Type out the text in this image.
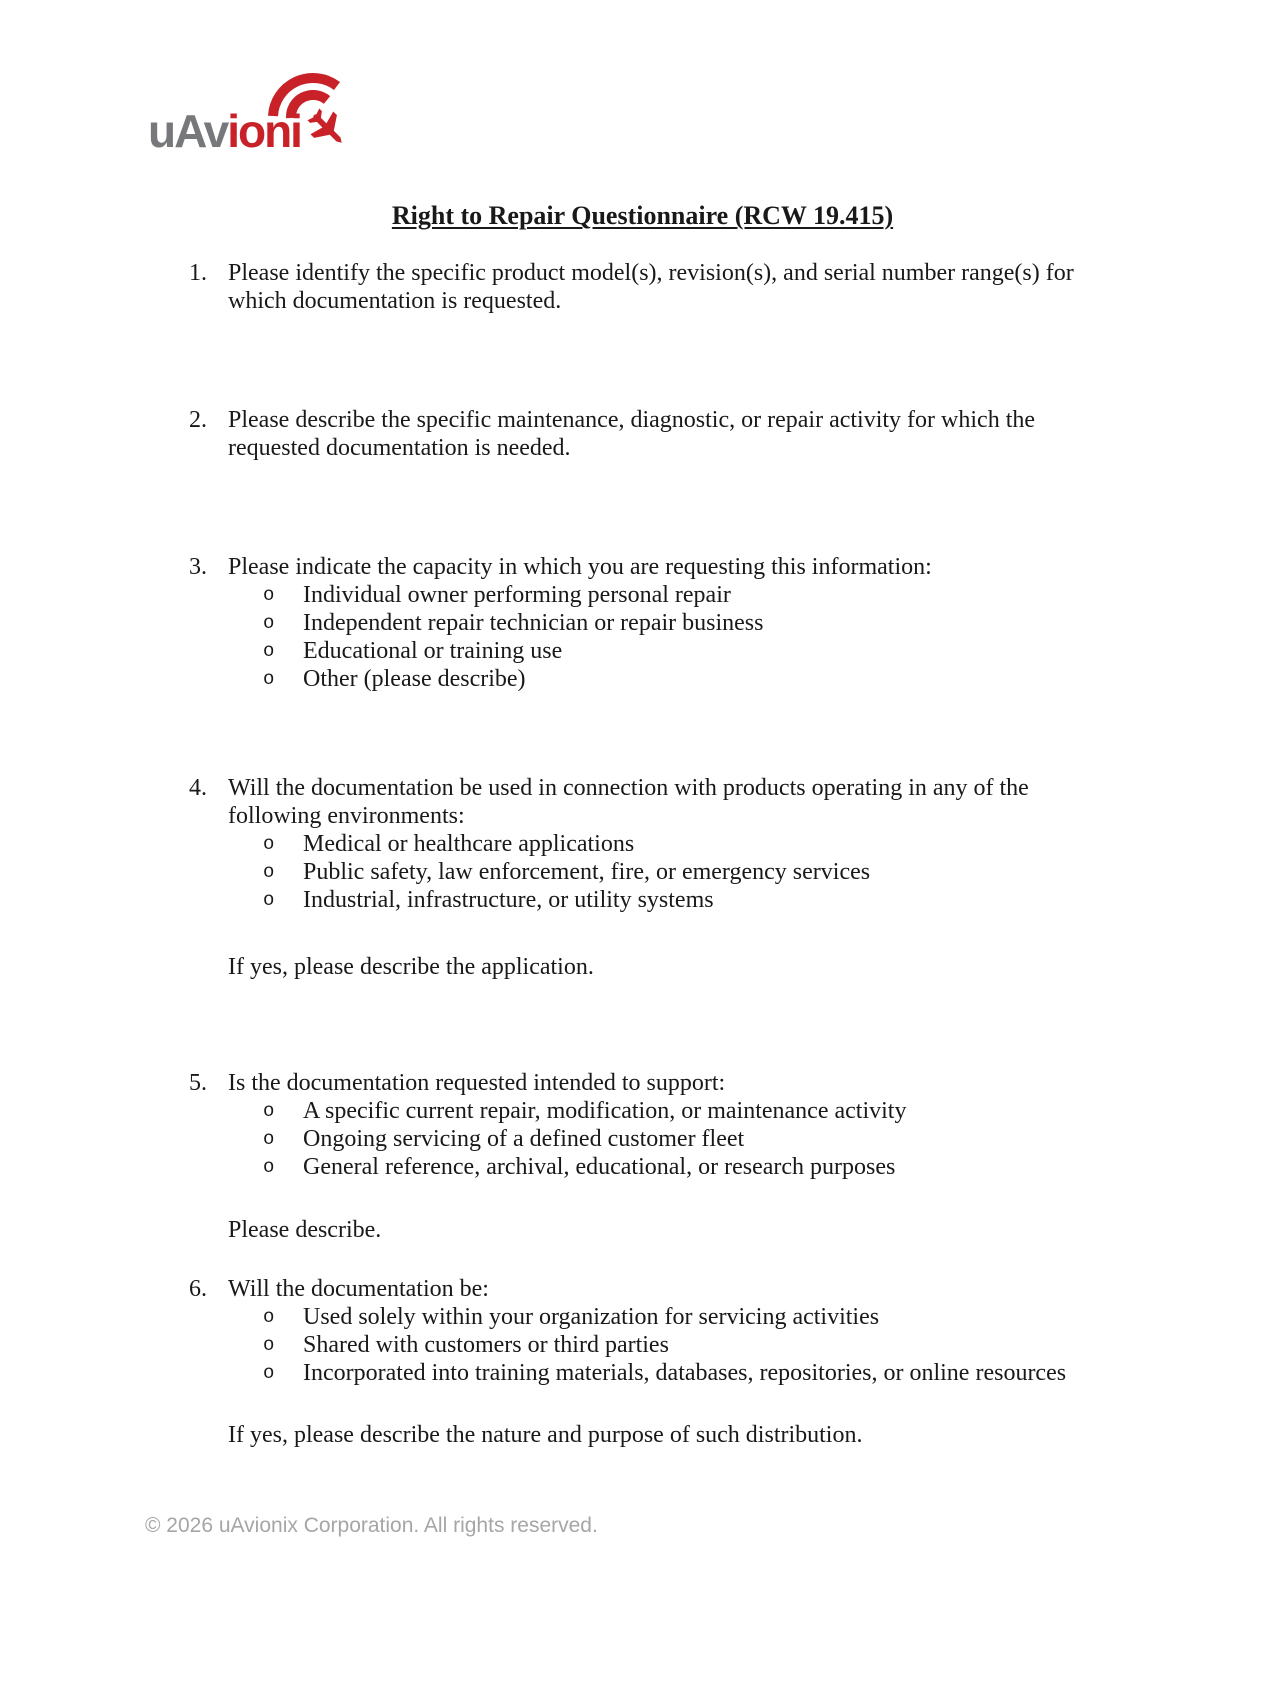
uAvioni
Right to Repair Questionnaire (RCW 19.415)
1. Please identify the specific product model(s), revision(s), and serial number range(s) for
which documentation is requested.
2. Please describe the specific maintenance, diagnostic, or repair activity for which the
requested documentation is needed.
3. Please indicate the capacity in which you are requesting this information:
o	Individual owner performing personal repair
o	Independent repair technician or repair business
o	Educational or training use
o	Other (please describe)
4. Will the documentation be used in connection with products operating in any of the
following environments:
o	Medical or healthcare applications
o	Public safety, law enforcement, fire, or emergency services
o	Industrial, infrastructure, or utility systems
If yes, please describe the application.
5. Is the documentation requested intended to support:
o	A specific current repair, modification, or maintenance activity
o	Ongoing servicing of a defined customer fleet
o	General reference, archival, educational, or research purposes
Please describe.
6. Will the documentation be:
o	Used solely within your organization for servicing activities
o	Shared with customers or third parties
o	Incorporated into training materials, databases, repositories, or online resources
If yes, please describe the nature and purpose of such distribution.
© 2026 uAvionix Corporation. All rights reserved.
